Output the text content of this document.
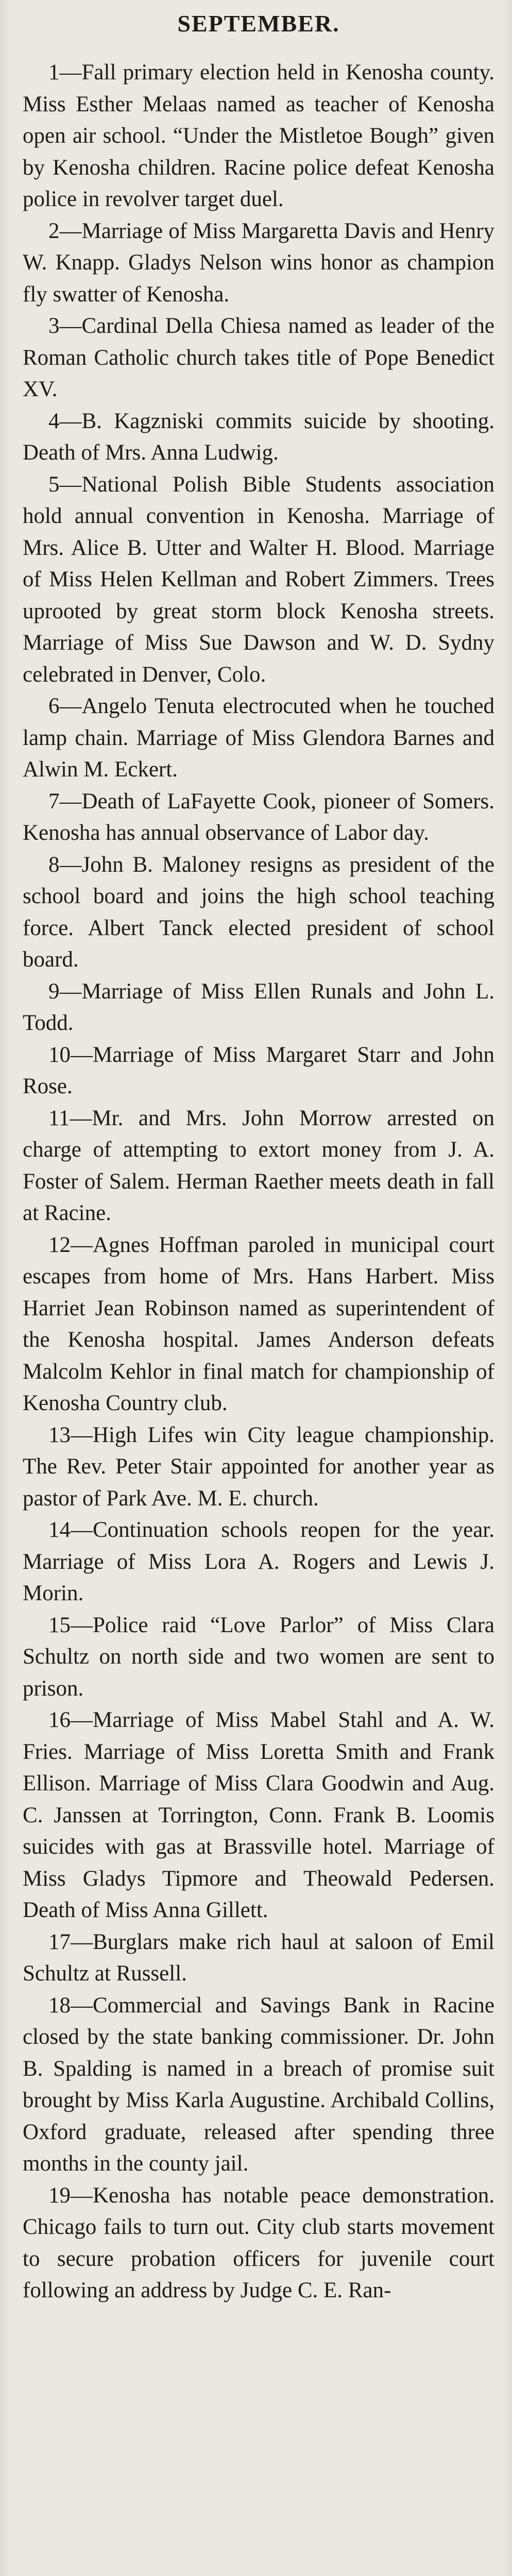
SEPTEMBER.

1—Fall primary election held in Kenosha county. Miss Esther Melaas named as teacher of Kenosha open air school. “Under the Mistletoe Bough” given by Kenosha children. Racine police defeat Kenosha police in revolver target duel.

2—Marriage of Miss Margaretta Davis and Henry W. Knapp. Gladys Nelson wins honor as champion fly swatter of Kenosha.

3—Cardinal Della Chiesa named as leader of the Roman Catholic church takes title of Pope Benedict XV.

4—B. Kagzniski commits suicide by shooting. Death of Mrs. Anna Ludwig.

5—National Polish Bible Students association hold annual convention in Kenosha. Marriage of Mrs. Alice B. Utter and Walter H. Blood. Marriage of Miss Helen Kellman and Robert Zimmers. Trees uprooted by great storm block Kenosha streets. Marriage of Miss Sue Dawson and W. D. Sydny celebrated in Denver, Colo.

6—Angelo Tenuta electrocuted when he touched lamp chain. Marriage of Miss Glendora Barnes and Alwin M. Eckert.

7—Death of LaFayette Cook, pioneer of Somers. Kenosha has annual observance of Labor day.

8—John B. Maloney resigns as president of the school board and joins the high school teaching force. Albert Tanck elected president of school board.

9—Marriage of Miss Ellen Runals and John L. Todd.

10—Marriage of Miss Margaret Starr and John Rose.

11—Mr. and Mrs. John Morrow arrested on charge of attempting to extort money from J. A. Foster of Salem. Herman Raether meets death in fall at Racine.

12—Agnes Hoffman paroled in municipal court escapes from home of Mrs. Hans Harbert. Miss Harriet Jean Robinson named as superintendent of the Kenosha hospital. James Anderson defeats Malcolm Kehlor in final match for championship of Kenosha Country club.

13—High Lifes win City league championship. The Rev. Peter Stair appointed for another year as pastor of Park Ave. M. E. church.

14—Continuation schools reopen for the year. Marriage of Miss Lora A. Rogers and Lewis J. Morin.

15—Police raid “Love Parlor” of Miss Clara Schultz on north side and two women are sent to prison.

16—Marriage of Miss Mabel Stahl and A. W. Fries. Marriage of Miss Loretta Smith and Frank Ellison. Marriage of Miss Clara Goodwin and Aug. C. Janssen at Torrington, Conn. Frank B. Loomis suicides with gas at Brassville hotel. Marriage of Miss Gladys Tipmore and Theowald Pedersen. Death of Miss Anna Gillett.

17—Burglars make rich haul at saloon of Emil Schultz at Russell.

18—Commercial and Savings Bank in Racine closed by the state banking commissioner. Dr. John B. Spalding is named in a breach of promise suit brought by Miss Karla Augustine. Archibald Collins, Oxford graduate, released after spending three months in the county jail.

19—Kenosha has notable peace demonstration. Chicago fails to turn out. City club starts movement to secure probation officers for juvenile court following an address by Judge C. E. Ran-
